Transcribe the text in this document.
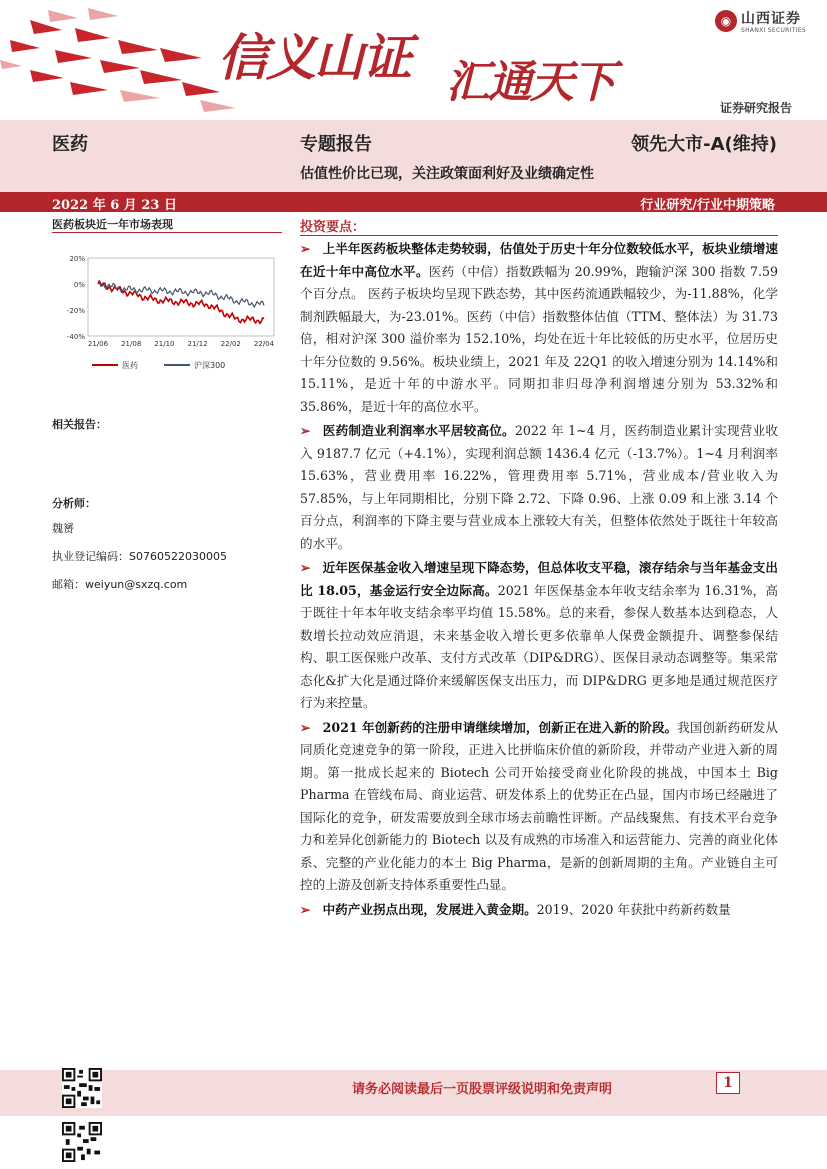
信义山证 汇通天下
◉ 山西证券
SHANXI SECURITIES
证券研究报告
医药	专题报告	领先大市-A(维持)
估值性价比已现，关注政策面利好及业绩确定性
2022 年 6 月 23 日	行业研究/行业中期策略
医药板块近一年市场表现
20%
0%
-20%
-40%
21/06 21/08 21/10 21/12 22/02 22/04
医药	沪深300
相关报告：
分析师：
魏赟
执业登记编码：S0760522030005
邮箱：weiyun@sxzq.com
投资要点：

➢ 上半年医药板块整体走势较弱，估值处于历史十年分位数较低水平，板块业绩增速在近十年中高位水平。医药（中信）指数跌幅为 20.99%，跑输沪深 300 指数 7.59 个百分点。 医药子板块均呈现下跌态势，其中医药流通跌幅较少，为-11.88%，化学制剂跌幅最大，为-23.01%。医药（中信）指数整体估值（TTM、整体法）为 31.73 倍，相对沪深 300 溢价率为 152.10%，均处在近十年比较低的历史水平，位居历史十年分位数的 9.56%。板块业绩上，2021 年及 22Q1 的收入增速分别为 14.14%和 15.11%，是近十年的中游水平。同期扣非归母净利润增速分别为 53.32%和 35.86%，是近十年的高位水平。

➢ 医药制造业利润率水平居较高位。2022 年 1~4 月，医药制造业累计实现营业收入 9187.7 亿元（+4.1%），实现利润总额 1436.4 亿元（-13.7%）。1~4 月利润率 15.63%，营业费用率 16.22%，管理费用率 5.71%，营业成本/营业收入为 57.85%，与上年同期相比，分别下降 2.72、下降 0.96、上涨 0.09 和上涨 3.14 个百分点，利润率的下降主要与营业成本上涨较大有关，但整体依然处于既往十年较高的水平。

➢ 近年医保基金收入增速呈现下降态势，但总体收支平稳，滚存结余与当年基金支出比 18.05，基金运行安全边际高。2021 年医保基金本年收支结余率为 16.31%，高于既往十年本年收支结余率平均值 15.58%。总的来看，参保人数基本达到稳态，人数增长拉动效应消退，未来基金收入增长更多依靠单人保费金额提升、调整参保结构、职工医保账户改革、支付方式改革（DIP&DRG）、医保目录动态调整等。集采常态化&扩大化是通过降价来缓解医保支出压力，而 DIP&DRG 更多地是通过规范医疗行为来控量。

➢ 2021 年创新药的注册申请继续增加，创新正在进入新的阶段。我国创新药研发从同质化竞速竞争的第一阶段，正进入比拼临床价值的新阶段，并带动产业进入新的周期。第一批成长起来的 Biotech 公司开始接受商业化阶段的挑战，中国本土 Big Pharma 在管线布局、商业运营、研发体系上的优势正在凸显，国内市场已经融进了国际化的竞争，研发需要放到全球市场去前瞻性评断。产品线聚焦、有技术平台竞争力和差异化创新能力的 Biotech 以及有成熟的市场准入和运营能力、完善的商业化体系、完整的产业化能力的本土 Big Pharma，是新的创新周期的主角。产业链自主可控的上游及创新支持体系重要性凸显。

➢ 中药产业拐点出现，发展进入黄金期。2019、2020 年获批中药新药数量

请务必阅读最后一页股票评级说明和免责声明	1
